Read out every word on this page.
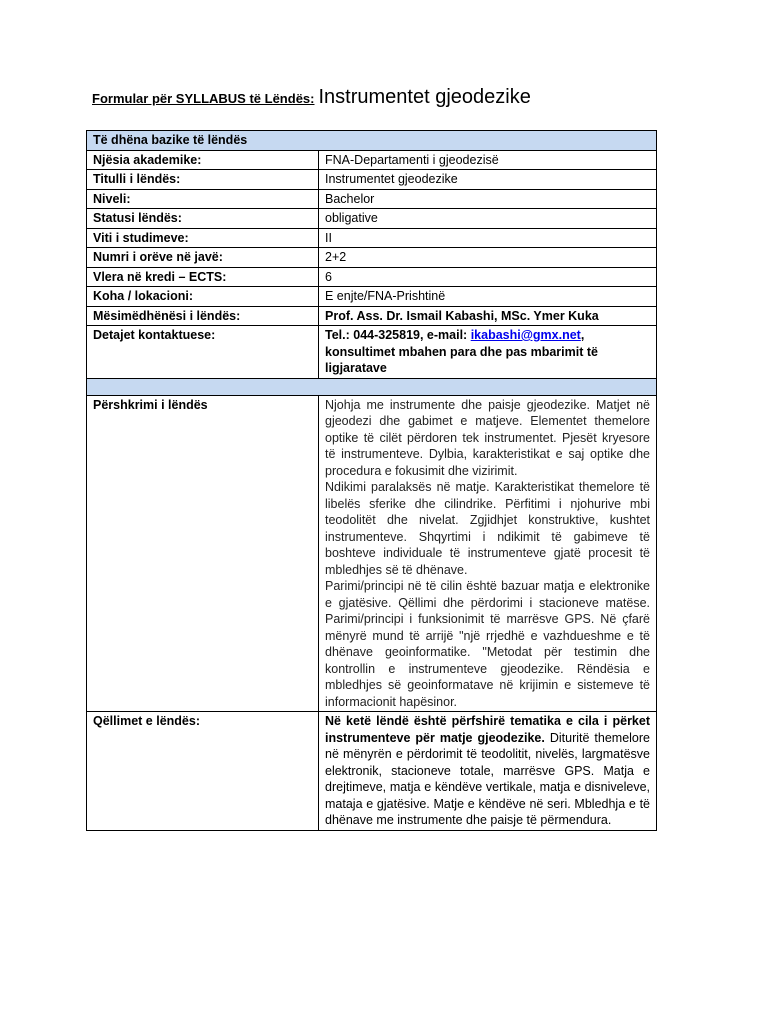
Formular për SYLLABUS të Lëndës: Instrumentet gjeodezike
Të dhëna bazike të lëndës	
Njësia akademike:	FNA-Departamenti i gjeodezisë
Titulli i lëndës:	Instrumentet gjeodezike
Niveli:	Bachelor
Statusi lëndës:	obligative
Viti i studimeve:	II
Numri i orëve në javë:	2+2
Vlera në kredi – ECTS:	6
Koha / lokacioni:	E enjte/FNA-Prishtinë
Mësimëdhënësi i lëndës:	Prof. Ass. Dr. Ismail Kabashi, MSc. Ymer Kuka
Detajet kontaktuese:	Tel.: 044-325819, e-mail: ikabashi@gmx.net,
konsultimet mbahen para dhe pas mbarimit të ligjaratave

Përshkrimi i lëndës	Njohja me instrumente dhe paisje gjeodezike. Matjet në gjeodezi dhe gabimet e matjeve. Elementet themelore optike të cilët përdoren tek instrumentet. Pjesët kryesore të instrumenteve. Dylbia, karakteristikat e saj optike dhe procedura e fokusimit dhe vizirimit.

Ndikimi paralaksës në matje. Karakteristikat themelore të libelës sferike dhe cilindrike. Përfitimi i njohurive mbi teodolitët dhe nivelat. Zgjidhjet konstruktive, kushtet instrumenteve. Shqyrtimi i ndikimit të gabimeve të boshteve individuale të instrumenteve gjatë procesit të mbledhjes së të dhënave.

Parimi/principi në të cilin është bazuar matja e elektronike e gjatësive. Qëllimi dhe përdorimi i stacioneve matëse. Parimi/principi i funksionimit të marrësve GPS. Në çfarë mënyrë mund të arrijë "një rrjedhë e vazhdueshme e të dhënave geoinformatike. "Metodat për testimin dhe kontrollin e instrumenteve gjeodezike. Rëndësia e mbledhjes së geoinformatave në krijimin e sistemeve të informacionit hapësinor.

Qëllimet e lëndës:	Në ketë lëndë është përfshirë tematika e cila i përket instrumenteve për matje gjeodezike. Dituritë themelore në mënyrën e përdorimit të teodolitit, nivelës, largmatësve elektronik, stacioneve totale, marrësve GPS. Matja e drejtimeve, matja e këndëve vertikale, matja e disniveleve, mataja e gjatësive. Matje e këndëve në seri. Mbledhja e të dhënave me instrumente dhe paisje të përmendura.
